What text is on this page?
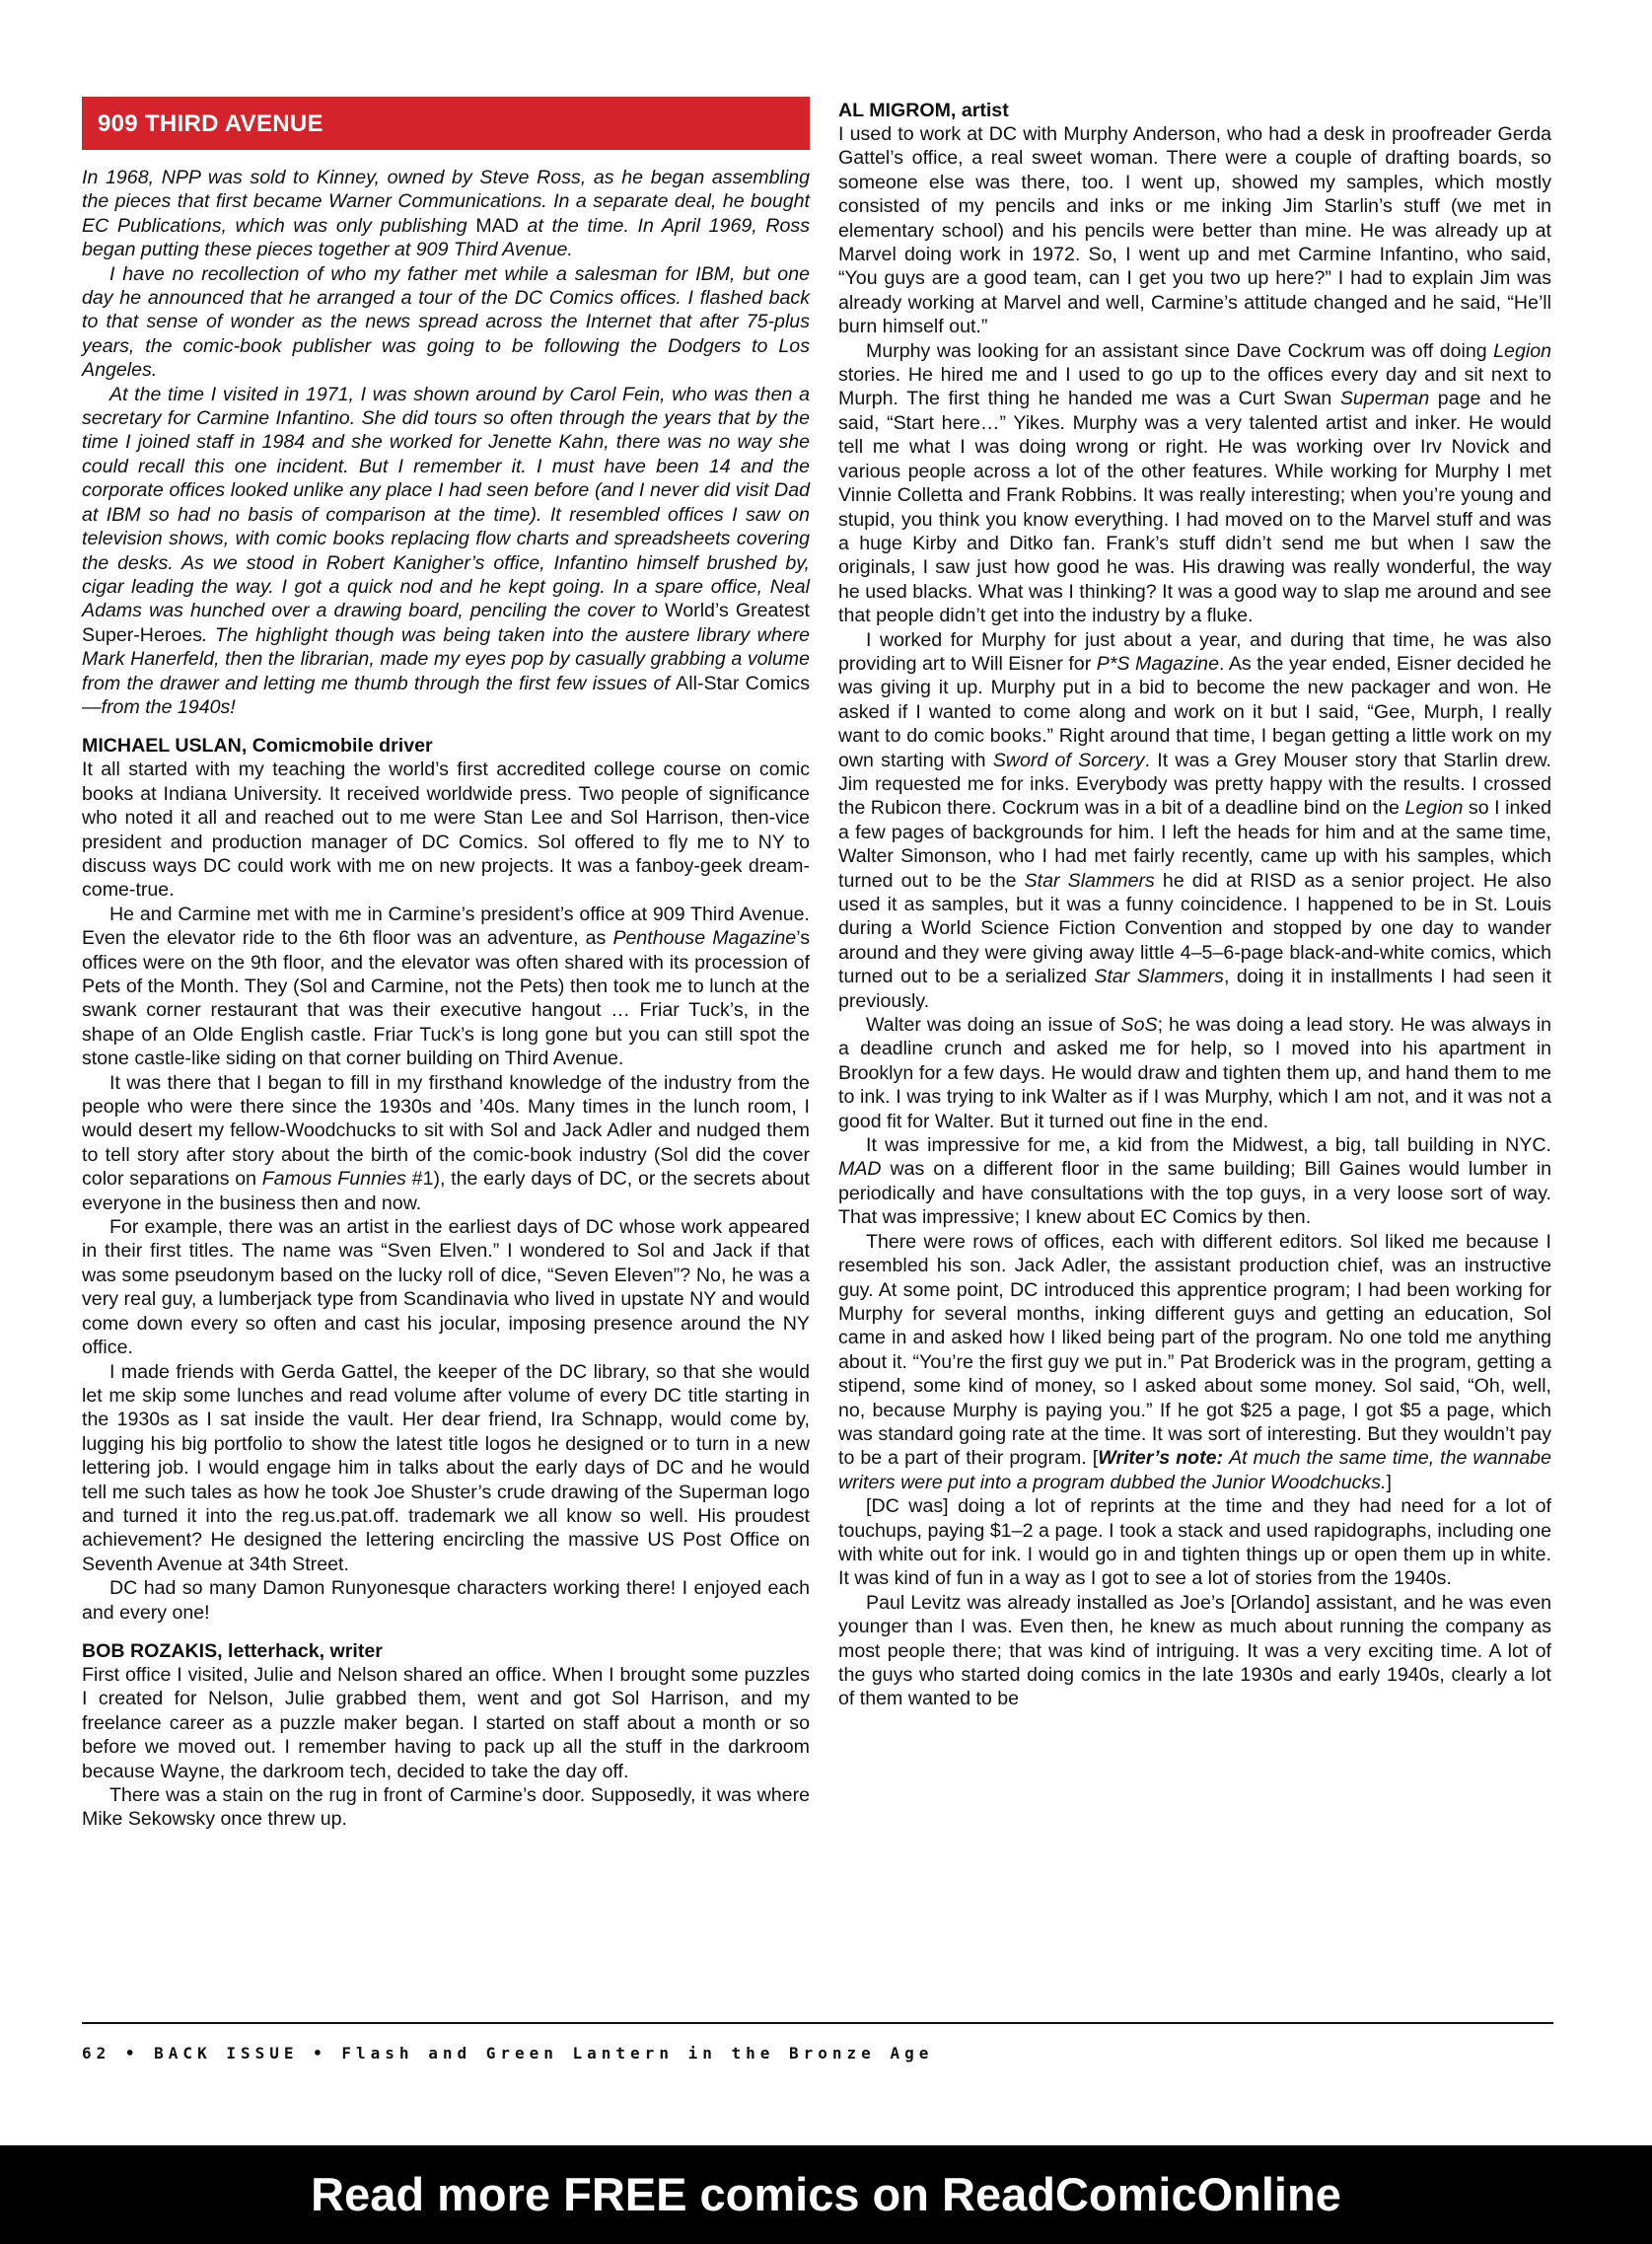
909 THIRD AVENUE

In 1968, NPP was sold to Kinney, owned by Steve Ross, as he began assembling the pieces that first became Warner Communications. In a separate deal, he bought EC Publications, which was only publishing MAD at the time. In April 1969, Ross began putting these pieces together at 909 Third Avenue.

I have no recollection of who my father met while a salesman for IBM, but one day he announced that he arranged a tour of the DC Comics offices. I flashed back to that sense of wonder as the news spread across the Internet that after 75-plus years, the comic-book publisher was going to be following the Dodgers to Los Angeles.

At the time I visited in 1971, I was shown around by Carol Fein, who was then a secretary for Carmine Infantino. She did tours so often through the years that by the time I joined staff in 1984 and she worked for Jenette Kahn, there was no way she could recall this one incident. But I remember it. I must have been 14 and the corporate offices looked unlike any place I had seen before (and I never did visit Dad at IBM so had no basis of comparison at the time). It resembled offices I saw on television shows, with comic books replacing flow charts and spreadsheets covering the desks. As we stood in Robert Kanigher’s office, Infantino himself brushed by, cigar leading the way. I got a quick nod and he kept going. In a spare office, Neal Adams was hunched over a drawing board, penciling the cover to World’s Greatest Super-Heroes. The highlight though was being taken into the austere library where Mark Hanerfeld, then the librarian, made my eyes pop by casually grabbing a volume from the drawer and letting me thumb through the first few issues of All-Star Comics—from the 1940s!

MICHAEL USLAN, Comicmobile driver

It all started with my teaching the world’s first accredited college course on comic books at Indiana University. It received worldwide press. Two people of significance who noted it all and reached out to me were Stan Lee and Sol Harrison, then-vice president and production manager of DC Comics. Sol offered to fly me to NY to discuss ways DC could work with me on new projects. It was a fanboy-geek dream-come-true.

He and Carmine met with me in Carmine’s president’s office at 909 Third Avenue. Even the elevator ride to the 6th floor was an adventure, as Penthouse Magazine’s offices were on the 9th floor, and the elevator was often shared with its procession of Pets of the Month. They (Sol and Carmine, not the Pets) then took me to lunch at the swank corner restaurant that was their executive hangout … Friar Tuck’s, in the shape of an Olde English castle. Friar Tuck’s is long gone but you can still spot the stone castle-like siding on that corner building on Third Avenue.

It was there that I began to fill in my firsthand knowledge of the industry from the people who were there since the 1930s and ’40s. Many times in the lunch room, I would desert my fellow-Woodchucks to sit with Sol and Jack Adler and nudged them to tell story after story about the birth of the comic-book industry (Sol did the cover color separations on Famous Funnies #1), the early days of DC, or the secrets about everyone in the business then and now.

For example, there was an artist in the earliest days of DC whose work appeared in their first titles. The name was “Sven Elven.” I wondered to Sol and Jack if that was some pseudonym based on the lucky roll of dice, “Seven Eleven”? No, he was a very real guy, a lumberjack type from Scandinavia who lived in upstate NY and would come down every so often and cast his jocular, imposing presence around the NY office.

I made friends with Gerda Gattel, the keeper of the DC library, so that she would let me skip some lunches and read volume after volume of every DC title starting in the 1930s as I sat inside the vault. Her dear friend, Ira Schnapp, would come by, lugging his big portfolio to show the latest title logos he designed or to turn in a new lettering job. I would engage him in talks about the early days of DC and he would tell me such tales as how he took Joe Shuster’s crude drawing of the Superman logo and turned it into the reg.us.pat.off. trademark we all know so well. His proudest achievement? He designed the lettering encircling the massive US Post Office on Seventh Avenue at 34th Street.

DC had so many Damon Runyonesque characters working there! I enjoyed each and every one!

BOB ROZAKIS, letterhack, writer

First office I visited, Julie and Nelson shared an office. When I brought some puzzles I created for Nelson, Julie grabbed them, went and got Sol Harrison, and my freelance career as a puzzle maker began. I started on staff about a month or so before we moved out. I remember having to pack up all the stuff in the darkroom because Wayne, the darkroom tech, decided to take the day off.

There was a stain on the rug in front of Carmine’s door. Supposedly, it was where Mike Sekowsky once threw up.

AL MIGROM, artist

I used to work at DC with Murphy Anderson, who had a desk in proofreader Gerda Gattel’s office, a real sweet woman. There were a couple of drafting boards, so someone else was there, too. I went up, showed my samples, which mostly consisted of my pencils and inks or me inking Jim Starlin’s stuff (we met in elementary school) and his pencils were better than mine. He was already up at Marvel doing work in 1972. So, I went up and met Carmine Infantino, who said, “You guys are a good team, can I get you two up here?” I had to explain Jim was already working at Marvel and well, Carmine’s attitude changed and he said, “He’ll burn himself out.”

Murphy was looking for an assistant since Dave Cockrum was off doing Legion stories. He hired me and I used to go up to the offices every day and sit next to Murph. The first thing he handed me was a Curt Swan Superman page and he said, “Start here…” Yikes. Murphy was a very talented artist and inker. He would tell me what I was doing wrong or right. He was working over Irv Novick and various people across a lot of the other features. While working for Murphy I met Vinnie Colletta and Frank Robbins. It was really interesting; when you’re young and stupid, you think you know everything. I had moved on to the Marvel stuff and was a huge Kirby and Ditko fan. Frank’s stuff didn’t send me but when I saw the originals, I saw just how good he was. His drawing was really wonderful, the way he used blacks. What was I thinking? It was a good way to slap me around and see that people didn’t get into the industry by a fluke.

I worked for Murphy for just about a year, and during that time, he was also providing art to Will Eisner for P*S Magazine. As the year ended, Eisner decided he was giving it up. Murphy put in a bid to become the new packager and won. He asked if I wanted to come along and work on it but I said, “Gee, Murph, I really want to do comic books.” Right around that time, I began getting a little work on my own starting with Sword of Sorcery. It was a Grey Mouser story that Starlin drew. Jim requested me for inks. Everybody was pretty happy with the results. I crossed the Rubicon there. Cockrum was in a bit of a deadline bind on the Legion so I inked a few pages of backgrounds for him. I left the heads for him and at the same time, Walter Simonson, who I had met fairly recently, came up with his samples, which turned out to be the Star Slammers he did at RISD as a senior project. He also used it as samples, but it was a funny coincidence. I happened to be in St. Louis during a World Science Fiction Convention and stopped by one day to wander around and they were giving away little 4–5–6-page black-and-white comics, which turned out to be a serialized Star Slammers, doing it in installments I had seen it previously.

Walter was doing an issue of SoS; he was doing a lead story. He was always in a deadline crunch and asked me for help, so I moved into his apartment in Brooklyn for a few days. He would draw and tighten them up, and hand them to me to ink. I was trying to ink Walter as if I was Murphy, which I am not, and it was not a good fit for Walter. But it turned out fine in the end.

It was impressive for me, a kid from the Midwest, a big, tall building in NYC. MAD was on a different floor in the same building; Bill Gaines would lumber in periodically and have consultations with the top guys, in a very loose sort of way. That was impressive; I knew about EC Comics by then.

There were rows of offices, each with different editors. Sol liked me because I resembled his son. Jack Adler, the assistant production chief, was an instructive guy. At some point, DC introduced this apprentice program; I had been working for Murphy for several months, inking different guys and getting an education, Sol came in and asked how I liked being part of the program. No one told me anything about it. “You’re the first guy we put in.” Pat Broderick was in the program, getting a stipend, some kind of money, so I asked about some money. Sol said, “Oh, well, no, because Murphy is paying you.” If he got $25 a page, I got $5 a page, which was standard going rate at the time. It was sort of interesting. But they wouldn’t pay to be a part of their program. [Writer’s note: At much the same time, the wannabe writers were put into a program dubbed the Junior Woodchucks.]

[DC was] doing a lot of reprints at the time and they had need for a lot of touchups, paying $1–2 a page. I took a stack and used rapidographs, including one with white out for ink. I would go in and tighten things up or open them up in white. It was kind of fun in a way as I got to see a lot of stories from the 1940s.

Paul Levitz was already installed as Joe’s [Orlando] assistant, and he was even younger than I was. Even then, he knew as much about running the company as most people there; that was kind of intriguing. It was a very exciting time. A lot of the guys who started doing comics in the late 1930s and early 1940s, clearly a lot of them wanted to be

62 • BACK ISSUE • Flash and Green Lantern in the Bronze Age
Read more FREE comics on ReadComicOnline
